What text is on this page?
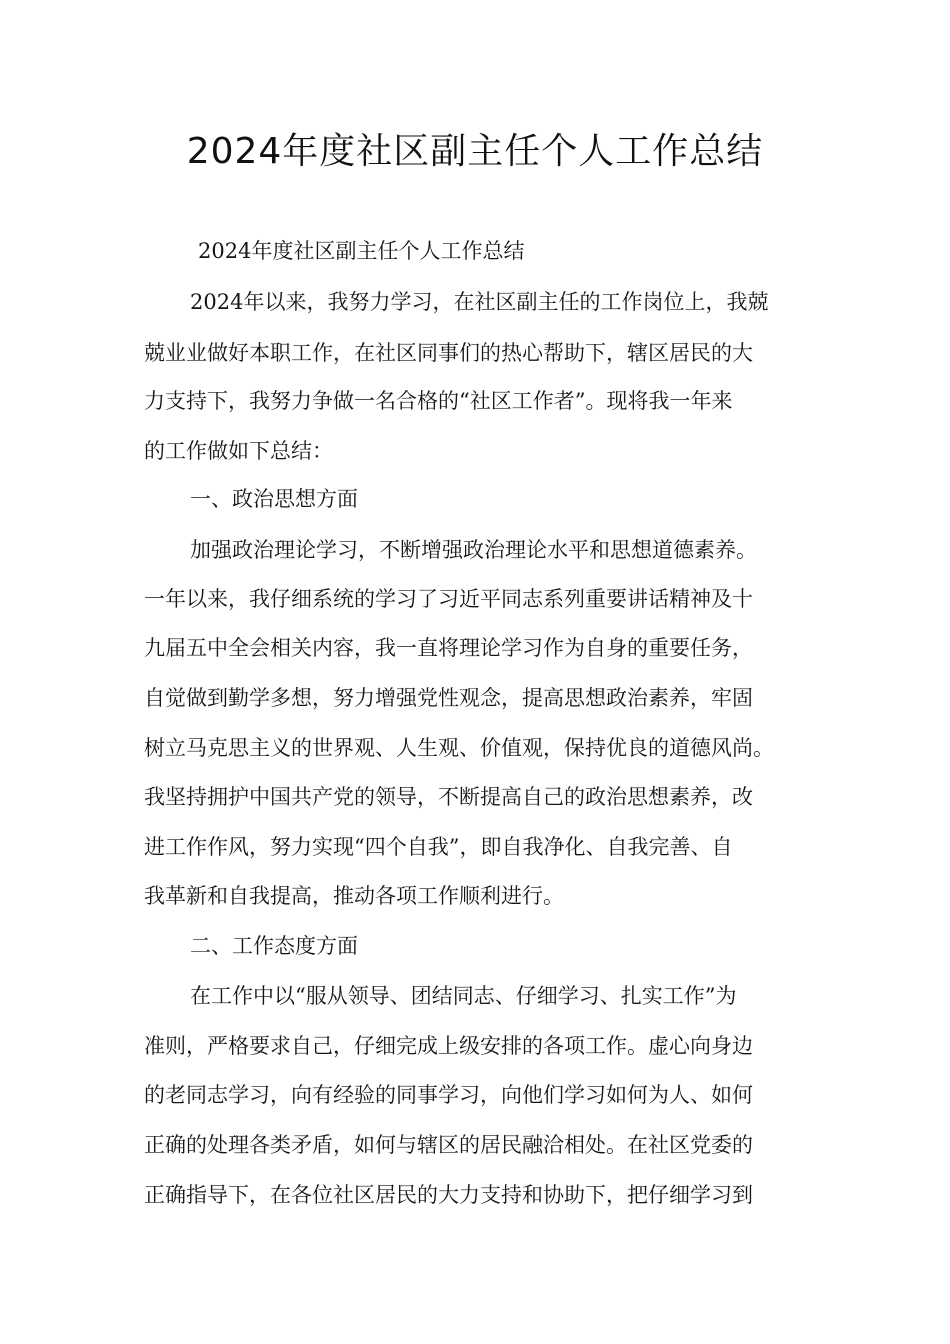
2024年度社区副主任个人工作总结
2024年度社区副主任个人工作总结
2024年以来，我努力学习，在社区副主任的工作岗位上，我兢
兢业业做好本职工作，在社区同事们的热心帮助下，辖区居民的大
力支持下，我努力争做一名合格的“社区工作者”。现将我一年来
的工作做如下总结：
一、政治思想方面
加强政治理论学习，不断增强政治理论水平和思想道德素养。
一年以来，我仔细系统的学习了习近平同志系列重要讲话精神及十
九届五中全会相关内容，我一直将理论学习作为自身的重要任务，
自觉做到勤学多想，努力增强党性观念，提高思想政治素养，牢固
树立马克思主义的世界观、人生观、价值观，保持优良的道德风尚。
我坚持拥护中国共产党的领导，不断提高自己的政治思想素养，改
进工作作风，努力实现“四个自我”，即自我净化、自我完善、自
我革新和自我提高，推动各项工作顺利进行。
二、工作态度方面
在工作中以“服从领导、团结同志、仔细学习、扎实工作”为
准则，严格要求自己，仔细完成上级安排的各项工作。虚心向身边
的老同志学习，向有经验的同事学习，向他们学习如何为人、如何
正确的处理各类矛盾，如何与辖区的居民融洽相处。在社区党委的
正确指导下，在各位社区居民的大力支持和协助下，把仔细学习到
